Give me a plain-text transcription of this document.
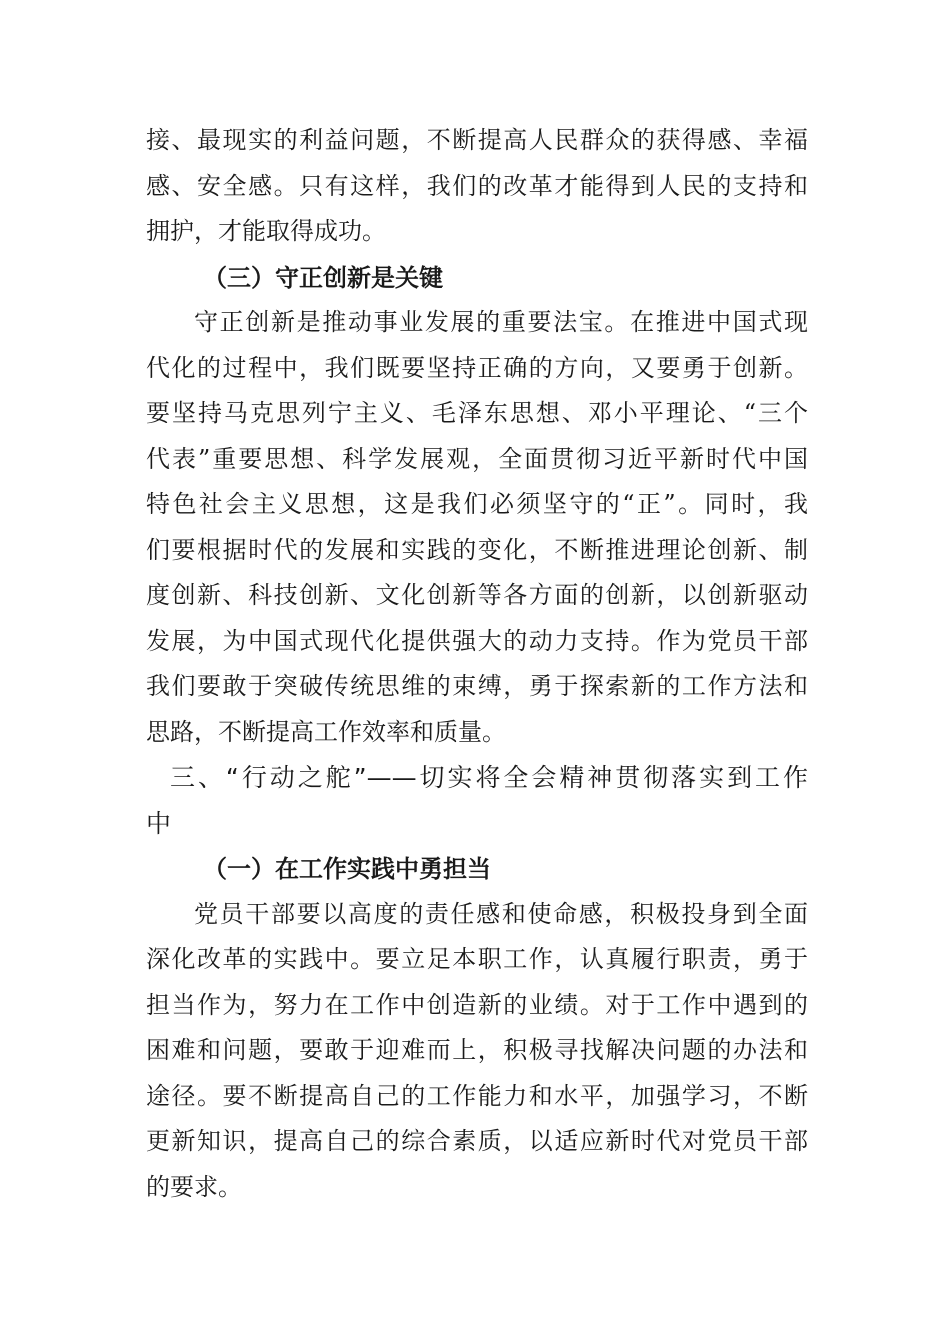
接、最现实的利益问题，不断提高人民群众的获得感、幸福
感、安全感。只有这样，我们的改革才能得到人民的支持和
拥护，才能取得成功。
（三）守正创新是关键
守正创新是推动事业发展的重要法宝。在推进中国式现
代化的过程中，我们既要坚持正确的方向，又要勇于创新。
要坚持马克思列宁主义、毛泽东思想、邓小平理论、“三个
代表”重要思想、科学发展观，全面贯彻习近平新时代中国
特色社会主义思想，这是我们必须坚守的“正”。同时，我
们要根据时代的发展和实践的变化，不断推进理论创新、制
度创新、科技创新、文化创新等各方面的创新，以创新驱动
发展，为中国式现代化提供强大的动力支持。作为党员干部
我们要敢于突破传统思维的束缚，勇于探索新的工作方法和
思路，不断提高工作效率和质量。
三、“行动之舵”——切实将全会精神贯彻落实到工作
中
（一）在工作实践中勇担当
党员干部要以高度的责任感和使命感，积极投身到全面
深化改革的实践中。要立足本职工作，认真履行职责，勇于
担当作为，努力在工作中创造新的业绩。对于工作中遇到的
困难和问题，要敢于迎难而上，积极寻找解决问题的办法和
途径。要不断提高自己的工作能力和水平，加强学习，不断
更新知识，提高自己的综合素质，以适应新时代对党员干部
的要求。
